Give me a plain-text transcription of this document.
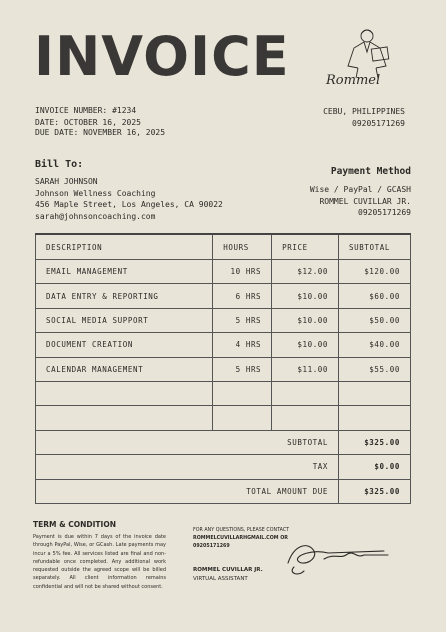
INVOICE	Rommel
INVOICE NUMBER: #1234
DATE: OCTOBER 16, 2025
DUE DATE: NOVEMBER 16, 2025
CEBU, PHILIPPINES
09205171269
Bill To:
SARAH JOHNSON
Johnson Wellness Coaching
456 Maple Street, Los Angeles, CA 90022
sarah@johnsoncoaching.com
Payment Method
Wise / PayPal / GCASH
ROMMEL CUVILLAR JR.
09205171269
DESCRIPTION	HOURS	PRICE	SUBTOTAL
EMAIL MANAGEMENT	10 HRS	$12.00	$120.00
DATA ENTRY & REPORTING	6 HRS	$10.00	$60.00
SOCIAL MEDIA SUPPORT	5 HRS	$10.00	$50.00
DOCUMENT CREATION	4 HRS	$10.00	$40.00
CALENDAR MANAGEMENT	5 HRS	$11.00	$55.00

SUBTOTAL			$325.00
TAX			$0.00
TOTAL AMOUNT DUE			$325.00
TERM & CONDITION
Payment is due within 7 days of the invoice date through PayPal, Wise, or GCash. Late payments may incur a 5% fee. All services listed are final and non-refundable once completed. Any additional work requested outside the agreed scope will be billed separately. All client information remains confidential and will not be shared without consent.
FOR ANY QUESTIONS, PLEASE CONTACT
ROMMELCUVILLARHGMAIL.COM OR
09205171269
ROMMEL CUVILLAR JR.
VIRTUAL ASSISTANT
